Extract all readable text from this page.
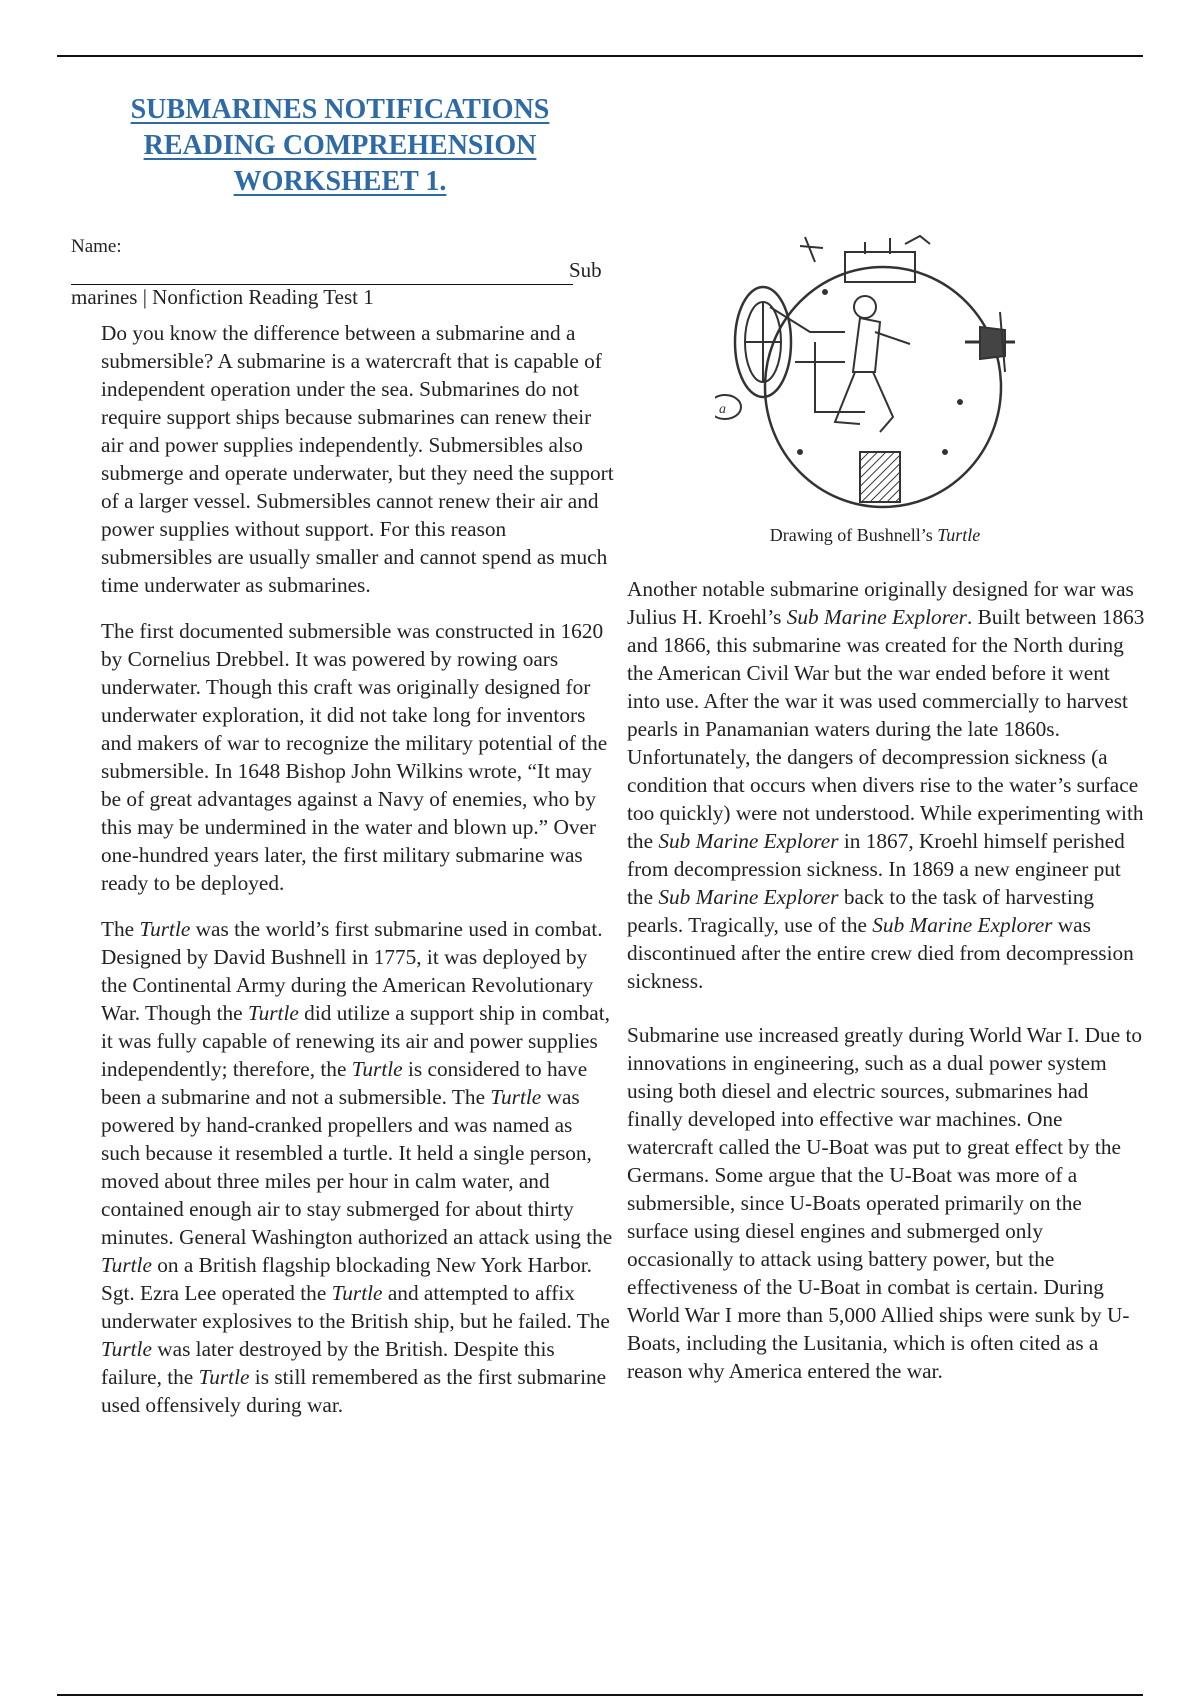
SUBMARINES NOTIFICATIONS
READING COMPREHENSION
WORKSHEET 1.
Name:
Sub
marines | Nonfiction Reading Test 1

Do you know the difference between a submarine and a submersible? A submarine is a watercraft that is capable of independent operation under the sea. Submarines do not require support ships because submarines can renew their air and power supplies independently. Submersibles also submerge and operate underwater, but they need the support of a larger vessel. Submersibles cannot renew their air and power supplies without support. For this reason submersibles are usually smaller and cannot spend as much time underwater as submarines.

The first documented submersible was constructed in 1620 by Cornelius Drebbel. It was powered by rowing oars underwater. Though this craft was originally designed for underwater exploration, it did not take long for inventors and makers of war to recognize the military potential of the submersible. In 1648 Bishop John Wilkins wrote, “It may be of great advantages against a Navy of enemies, who by this may be undermined in the water and blown up.” Over one-hundred years later, the first military submarine was ready to be deployed.

The Turtle was the world’s first submarine used in combat. Designed by David Bushnell in 1775, it was deployed by the Continental Army during the American Revolutionary War. Though the Turtle did utilize a support ship in combat, it was fully capable of renewing its air and power supplies independently; therefore, the Turtle is considered to have been a submarine and not a submersible. The Turtle was powered by hand-cranked propellers and was named as such because it resembled a turtle. It held a single person, moved about three miles per hour in calm water, and contained enough air to stay submerged for about thirty minutes. General Washington authorized an attack using the Turtle on a British flagship blockading New York Harbor. Sgt. Ezra Lee operated the Turtle and attempted to affix underwater explosives to the British ship, but he failed. The Turtle was later destroyed by the British. Despite this failure, the Turtle is still remembered as the first submarine used offensively during war.

a
Drawing of Bushnell’s Turtle

Another notable submarine originally designed for war was Julius H. Kroehl’s Sub Marine Explorer. Built between 1863 and 1866, this submarine was created for the North during the American Civil War but the war ended before it went into use. After the war it was used commercially to harvest pearls in Panamanian waters during the late 1860s. Unfortunately, the dangers of decompression sickness (a condition that occurs when divers rise to the water’s surface too quickly) were not understood. While experimenting with the Sub Marine Explorer in 1867, Kroehl himself perished from decompression sickness. In 1869 a new engineer put the Sub Marine Explorer back to the task of harvesting pearls. Tragically, use of the Sub Marine Explorer was discontinued after the entire crew died from decompression sickness.

Submarine use increased greatly during World War I. Due to innovations in engineering, such as a dual power system using both diesel and electric sources, submarines had finally developed into effective war machines. One watercraft called the U-Boat was put to great effect by the Germans. Some argue that the U-Boat was more of a submersible, since U-Boats operated primarily on the surface using diesel engines and submerged only occasionally to attack using battery power, but the effectiveness of the U-Boat in combat is certain. During World War I more than 5,000 Allied ships were sunk by U-Boats, including the Lusitania, which is often cited as a reason why America entered the war.
